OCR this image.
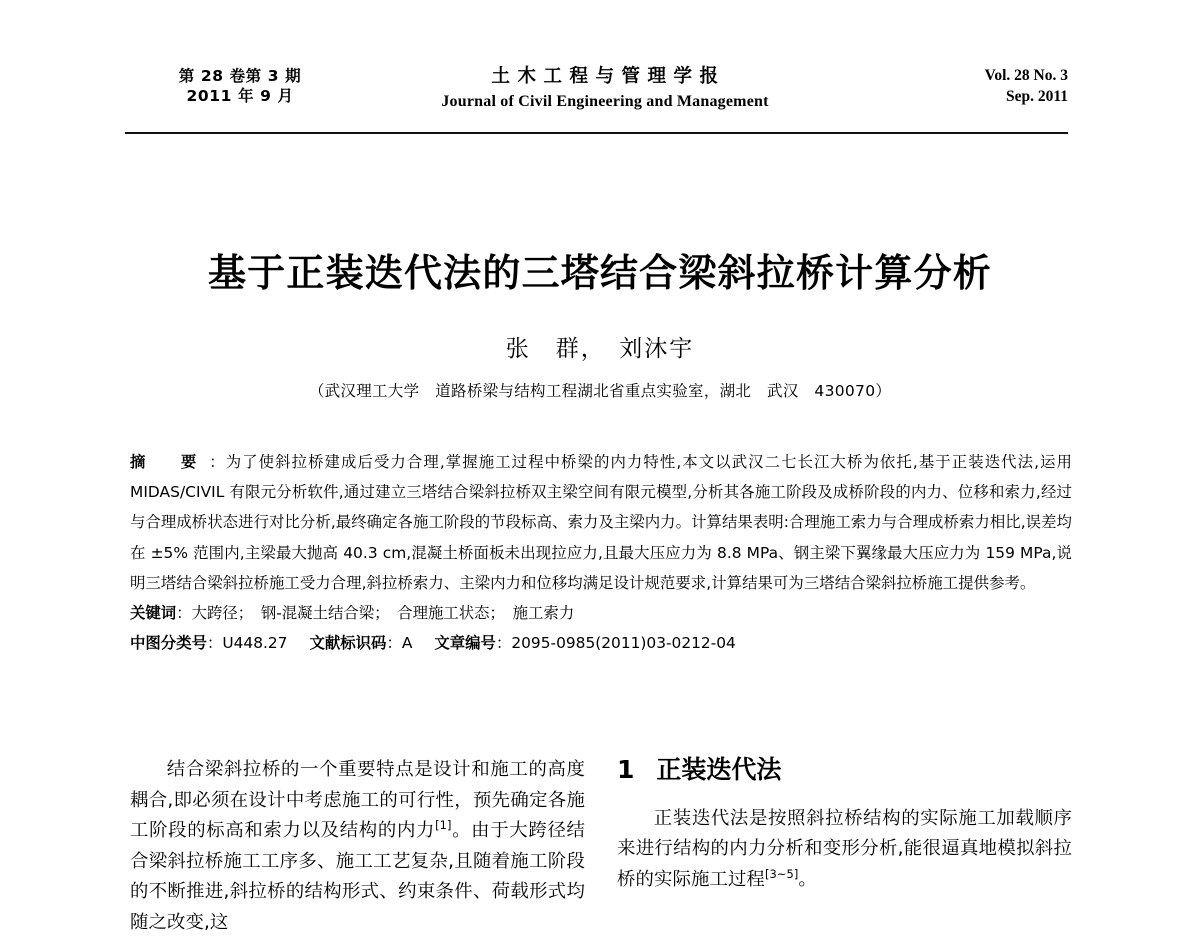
第 28 卷第 3 期
2011 年 9 月
土木工程与管理学报
Journal of Civil Engineering and Management
Vol. 28 No. 3
Sep. 2011
基于正装迭代法的三塔结合梁斜拉桥计算分析
张　群，　刘沐宇
（武汉理工大学　道路桥梁与结构工程湖北省重点实验室，湖北　武汉　430070）
摘　要 ：为了使斜拉桥建成后受力合理,掌握施工过程中桥梁的内力特性,本文以武汉二七长江大桥为依托,基于正装迭代法,运用 MIDAS/CIVIL 有限元分析软件,通过建立三塔结合梁斜拉桥双主梁空间有限元模型,分析其各施工阶段及成桥阶段的内力、位移和索力,经过与合理成桥状态进行对比分析,最终确定各施工阶段的节段标高、索力及主梁内力。计算结果表明:合理施工索力与合理成桥索力相比,误差均在 ±5% 范围内,主梁最大抛高 40.3 cm,混凝土桥面板未出现拉应力,且最大压应力为 8.8 MPa、钢主梁下翼缘最大压应力为 159 MPa,说明三塔结合梁斜拉桥施工受力合理,斜拉桥索力、主梁内力和位移均满足设计规范要求,计算结果可为三塔结合梁斜拉桥施工提供参考。
关键词：大跨径；　钢-混凝土结合梁；　合理施工状态；　施工索力
中图分类号：U448.27 文献标识码：A 文章编号：2095-0985(2011)03-0212-04

结合梁斜拉桥的一个重要特点是设计和施工的高度耦合,即必须在设计中考虑施工的可行性，预先确定各施工阶段的标高和索力以及结构的内力[1]。由于大跨径结合梁斜拉桥施工工序多、施工工艺复杂,且随着施工阶段的不断推进,斜拉桥的结构形式、约束条件、荷载形式均随之改变,这

1 正装迭代法

正装迭代法是按照斜拉桥结构的实际施工加载顺序来进行结构的内力分析和变形分析,能很逼真地模拟斜拉桥的实际施工过程[3~5]。
